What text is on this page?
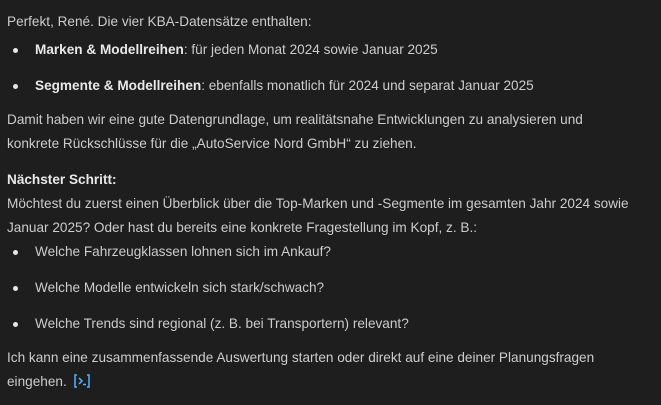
Perfekt, René. Die vier KBA-Datensätze enthalten:

Marken & Modellreihen: für jeden Monat 2024 sowie Januar 2025
Segmente & Modellreihen: ebenfalls monatlich für 2024 und separat Januar 2025

Damit haben wir eine gute Datengrundlage, um realitätsnahe Entwicklungen zu analysieren und
konkrete Rückschlüsse für die „AutoService Nord GmbH“ zu ziehen.

Nächster Schritt:
Möchtest du zuerst einen Überblick über die Top-Marken und -Segmente im gesamten Jahr 2024 sowie
Januar 2025? Oder hast du bereits eine konkrete Fragestellung im Kopf, z. B.:

Welche Fahrzeugklassen lohnen sich im Ankauf?
Welche Modelle entwickeln sich stark/schwach?
Welche Trends sind regional (z. B. bei Transportern) relevant?

Ich kann eine zusammenfassende Auswertung starten oder direkt auf eine deiner Planungsfragen
eingehen.
